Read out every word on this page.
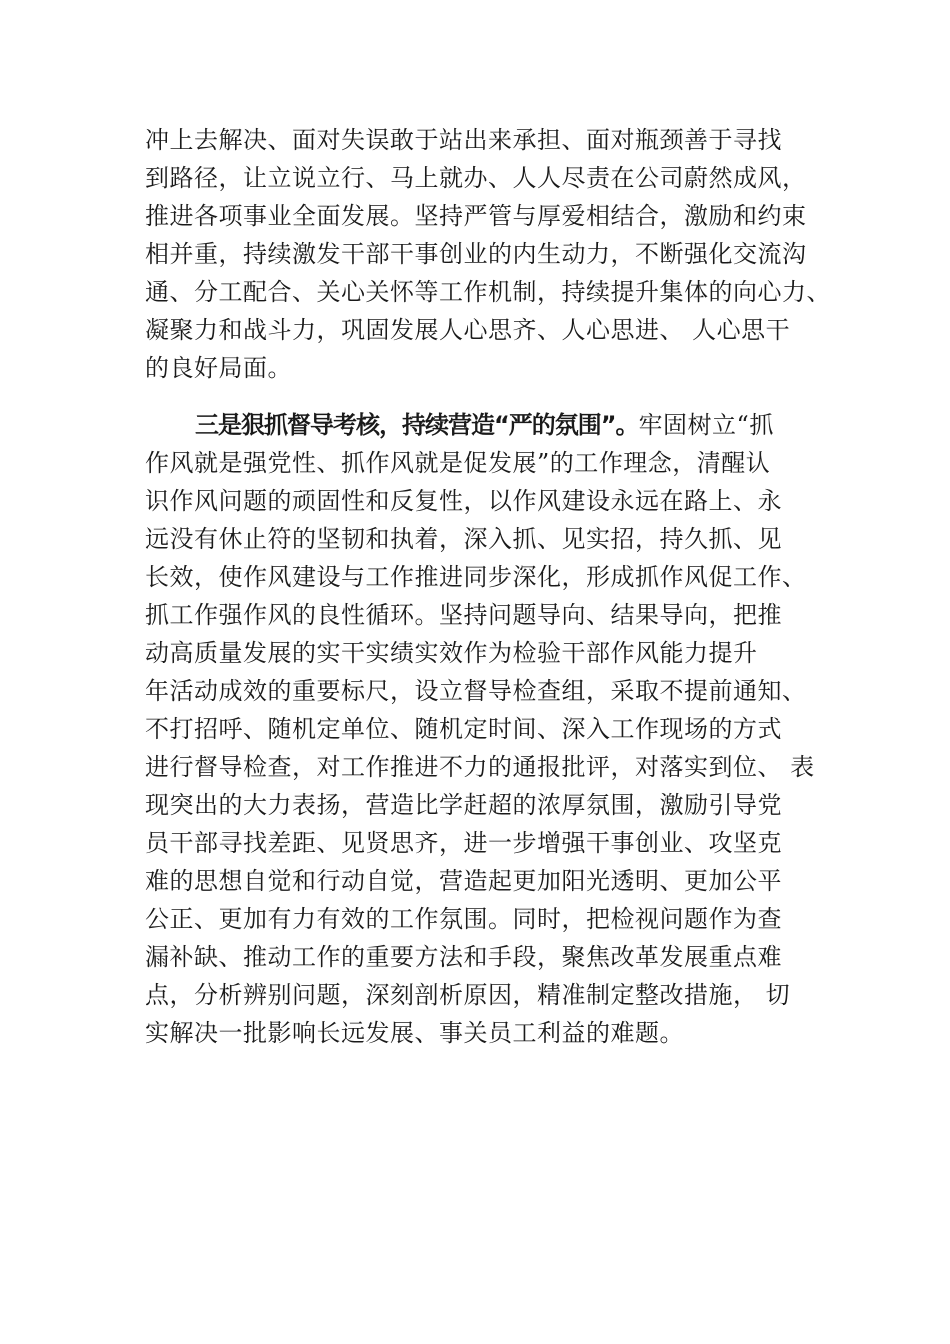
冲上去解决、面对失误敢于站出来承担、面对瓶颈善于寻找
到路径，让立说立行、马上就办、人人尽责在公司蔚然成风，
推进各项事业全面发展。坚持严管与厚爱相结合，激励和约束
相并重，持续激发干部干事创业的内生动力，不断强化交流沟
通、分工配合、关心关怀等工作机制，持续提升集体的向心力、
凝聚力和战斗力，巩固发展人心思齐、人心思进、 人心思干
的良好局面。
三是狠抓督导考核，持续营造“严的氛围”。牢固树立“抓
作风就是强党性、抓作风就是促发展”的工作理念，清醒认
识作风问题的顽固性和反复性，以作风建设永远在路上、永
远没有休止符的坚韧和执着，深入抓、见实招，持久抓、见
长效，使作风建设与工作推进同步深化，形成抓作风促工作、
抓工作强作风的良性循环。坚持问题导向、结果导向，把推
动高质量发展的实干实绩实效作为检验干部作风能力提升
年活动成效的重要标尺，设立督导检查组，采取不提前通知、
不打招呼、随机定单位、随机定时间、深入工作现场的方式
进行督导检查，对工作推进不力的通报批评，对落实到位、 表
现突出的大力表扬，营造比学赶超的浓厚氛围，激励引导党
员干部寻找差距、见贤思齐，进一步增强干事创业、攻坚克
难的思想自觉和行动自觉，营造起更加阳光透明、更加公平
公正、更加有力有效的工作氛围。同时，把检视问题作为查
漏补缺、推动工作的重要方法和手段，聚焦改革发展重点难
点，分析辨别问题，深刻剖析原因，精准制定整改措施， 切
实解决一批影响长远发展、事关员工利益的难题。
